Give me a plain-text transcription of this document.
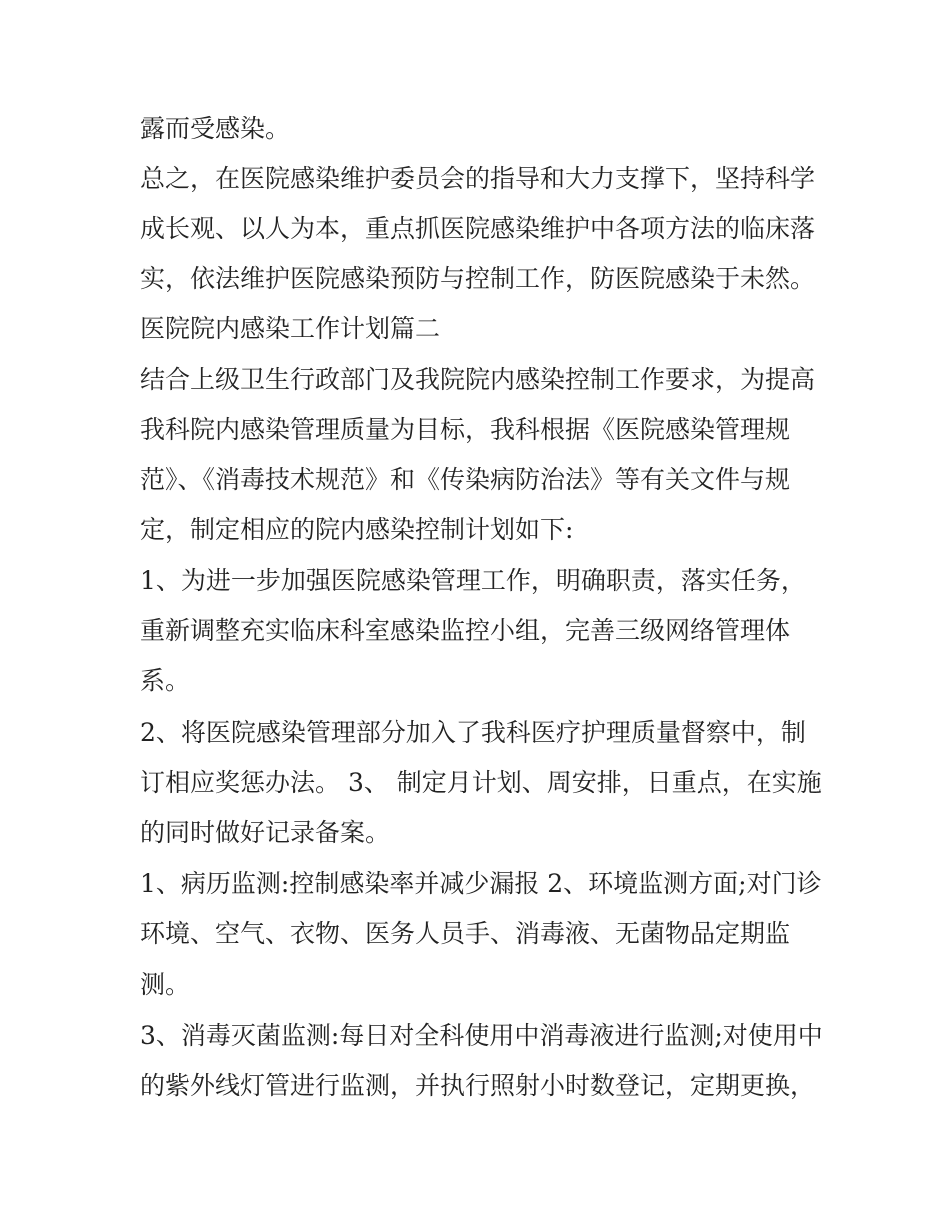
露而受感染。

总之，在医院感染维护委员会的指导和大力支撑下，坚持科学

成长观、以人为本，重点抓医院感染维护中各项方法的临床落

实，依法维护医院感染预防与控制工作，防医院感染于未然。

医院院内感染工作计划篇二

结合上级卫生行政部门及我院院内感染控制工作要求，为提高

我科院内感染管理质量为目标，我科根据《医院感染管理规

范》、《消毒技术规范》和《传染病防治法》等有关文件与规

定，制定相应的院内感染控制计划如下:

1、为进一步加强医院感染管理工作，明确职责，落实任务，

重新调整充实临床科室感染监控小组，完善三级网络管理体

系。

2、将医院感染管理部分加入了我科医疗护理质量督察中，制

订相应奖惩办法。 3、 制定月计划、周安排，日重点，在实施

的同时做好记录备案。

1、病历监测:控制感染率并减少漏报 2、环境监测方面;对门诊

环境、空气、衣物、医务人员手、消毒液、无菌物品定期监

测。

3、消毒灭菌监测:每日对全科使用中消毒液进行监测;对使用中

的紫外线灯管进行监测，并执行照射小时数登记，定期更换，
